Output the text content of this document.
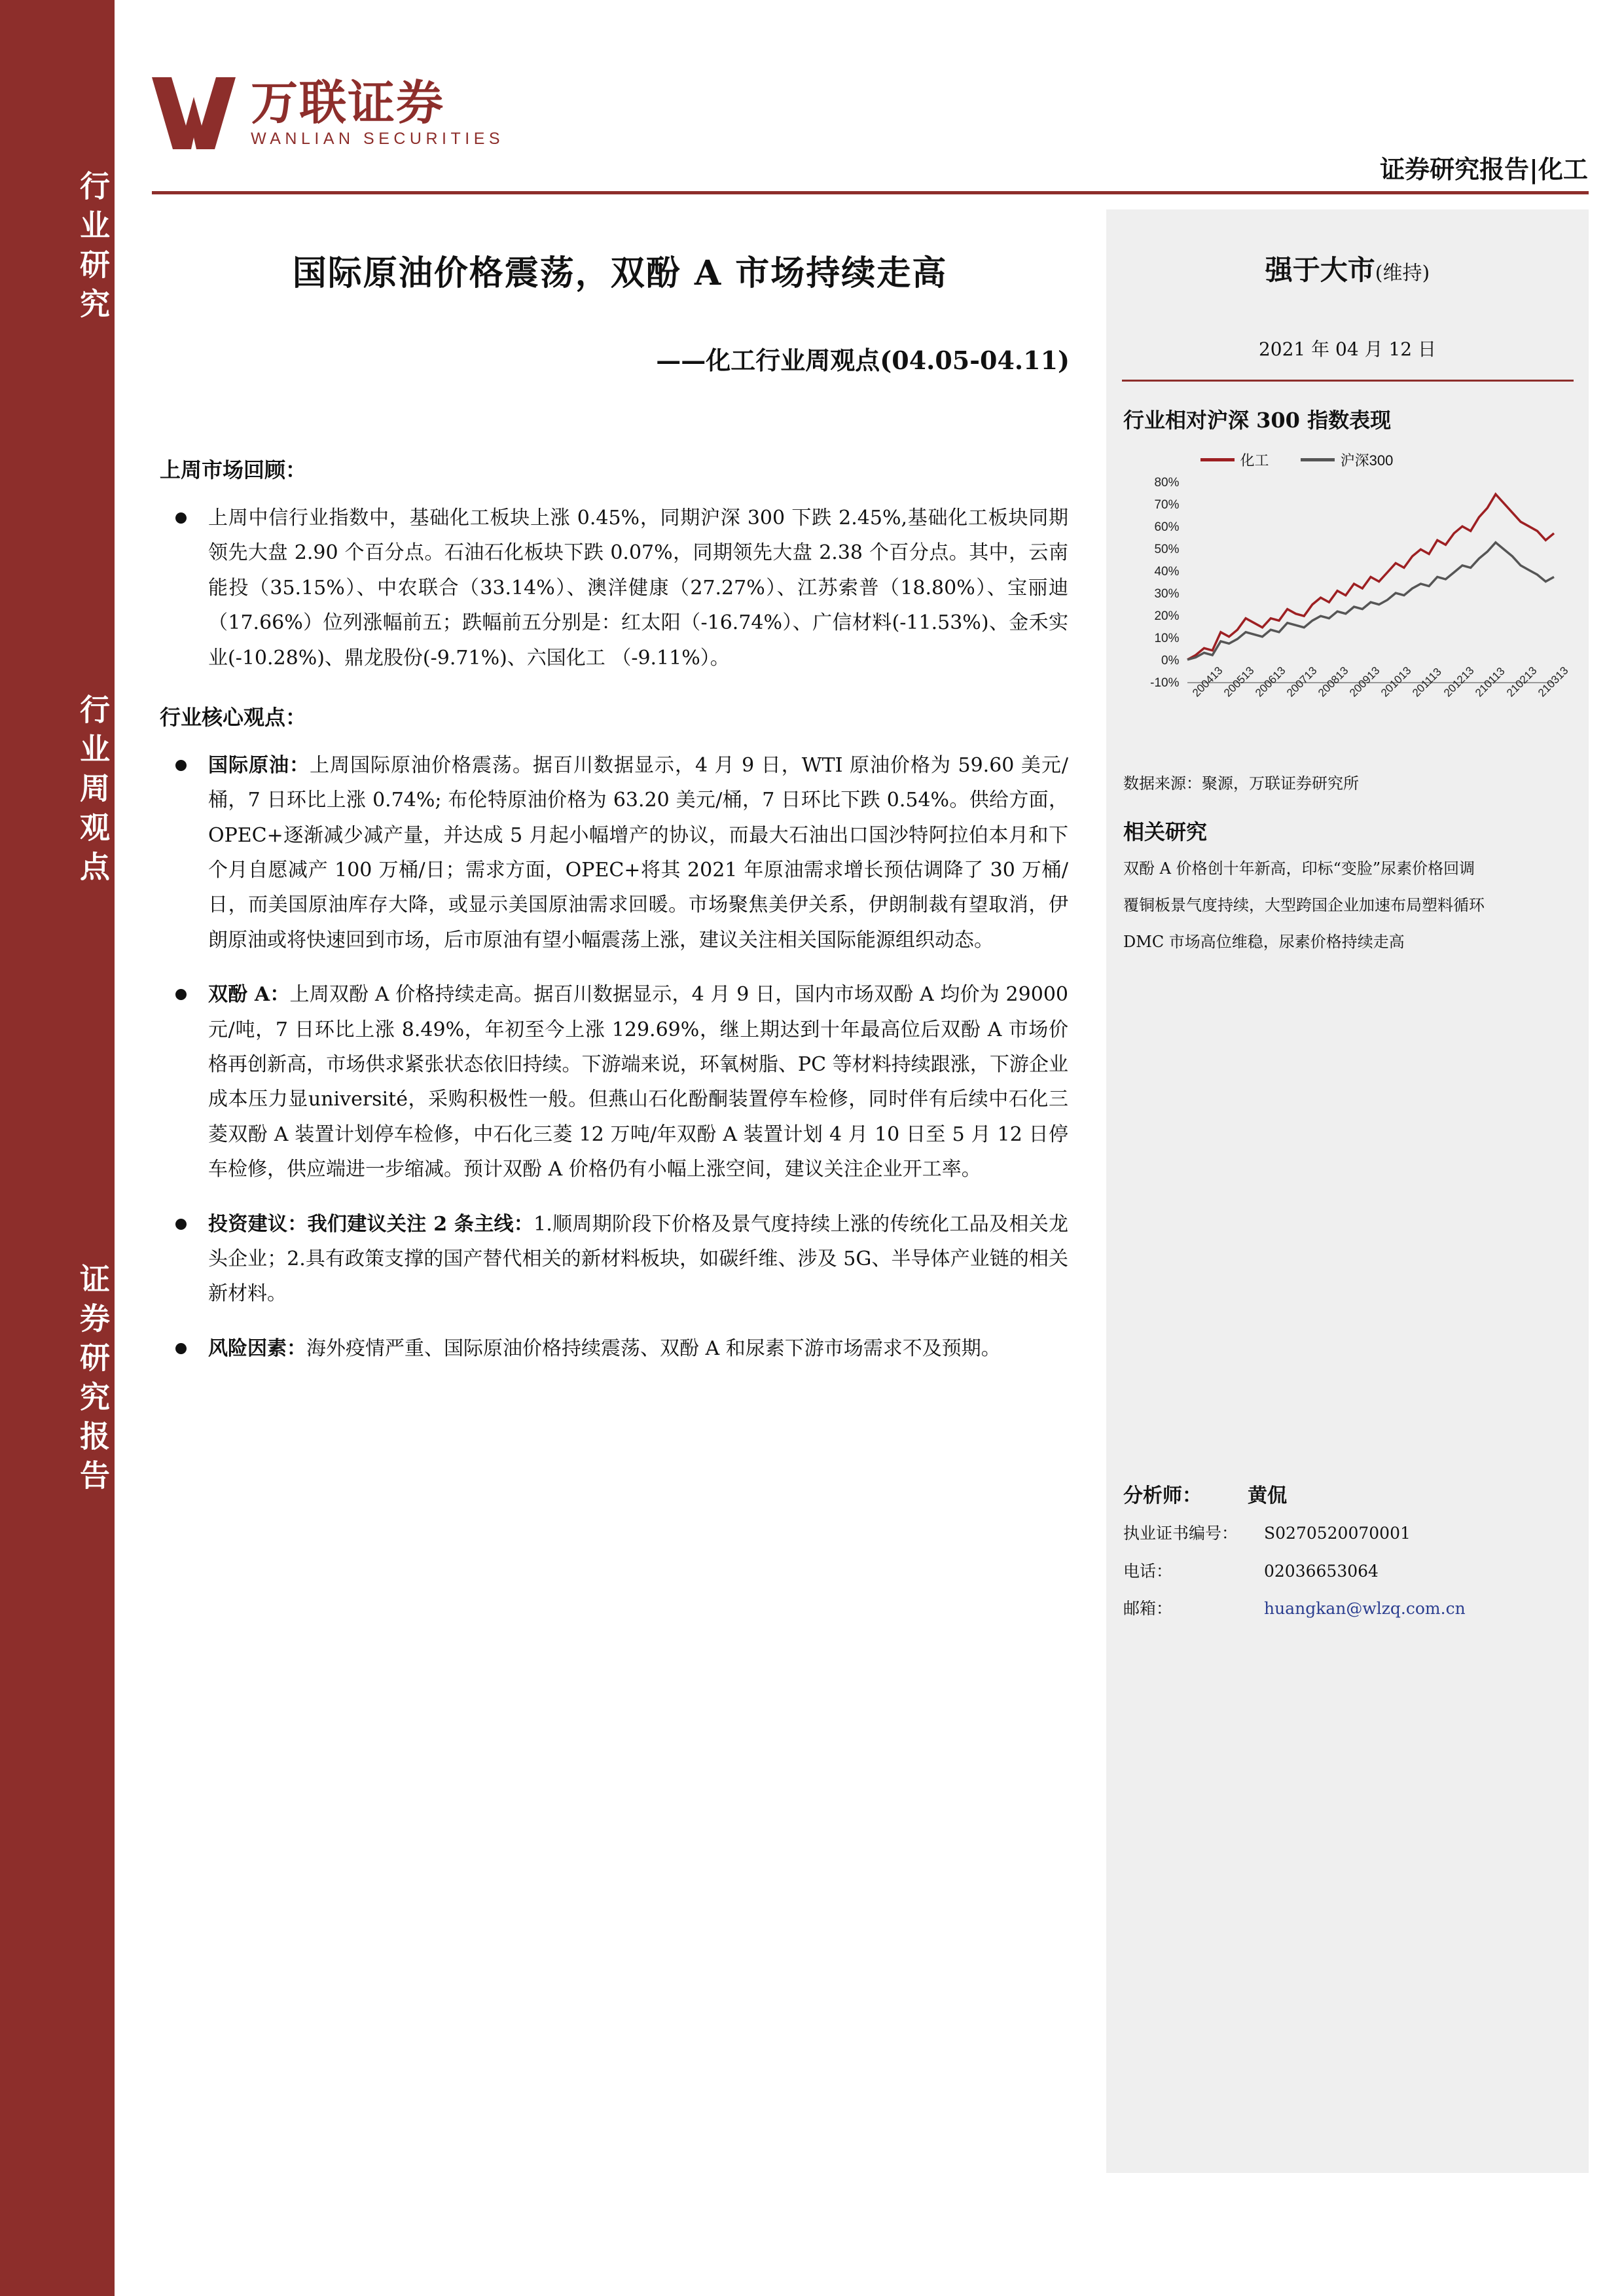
行业研究
行业周观点
证券研究报告

万联证券
WANLIAN SECURITIES
证券研究报告|化工
国际原油价格震荡，双酚 A 市场持续走高
——化工行业周观点(04.05-04.11)
强于大市(维持)
2021 年 04 月 12 日
行业相对沪深 300 指数表现
化工	沪深300
80%
70%
60%
50%
40%
30%
20%
10%
0%
-10% 200413
200513
200613
200713
200813
200913
201013
201113
201213
210113
210213
210313
数据来源：聚源，万联证券研究所
相关研究
双酚 A 价格创十年新高，印标“变脸”尿素价格回调
覆铜板景气度持续，大型跨国企业加速布局塑料循环
DMC 市场高位维稳，尿素价格持续走高
分析师： 黄侃
执业证书编号： S0270520070001
电话：	02036653064
邮箱：	huangkan@wlzq.com.cn
上周市场回顾：
上周中信行业指数中，基础化工板块上涨 0.45%，同期沪深 300 下跌 2.45%,基础化工板块同期领先大盘 2.90 个百分点。石油石化板块下跌 0.07%，同期领先大盘 2.38 个百分点。其中，云南能投（35.15%）、中农联合（33.14%）、澳洋健康（27.27%）、江苏索普（18.80%）、宝丽迪（17.66%）位列涨幅前五；跌幅前五分别是：红太阳（-16.74%）、广信材料(-11.53%)、金禾实业(-10.28%)、鼎龙股份(-9.71%)、六国化工 （-9.11%）。
行业核心观点：
国际原油：上周国际原油价格震荡。据百川数据显示，4 月 9 日，WTI 原油价格为 59.60 美元/桶，7 日环比上涨 0.74%; 布伦特原油价格为 63.20 美元/桶，7 日环比下跌 0.54%。供给方面，OPEC+逐渐减少减产量，并达成 5 月起小幅增产的协议，而最大石油出口国沙特阿拉伯本月和下个月自愿减产 100 万桶/日；需求方面，OPEC+将其 2021 年原油需求增长预估调降了 30 万桶/日，而美国原油库存大降，或显示美国原油需求回暖。市场聚焦美伊关系，伊朗制裁有望取消，伊朗原油或将快速回到市场，后市原油有望小幅震荡上涨，建议关注相关国际能源组织动态。
双酚 A：上周双酚 A 价格持续走高。据百川数据显示，4 月 9 日，国内市场双酚 A 均价为 29000 元/吨，7 日环比上涨 8.49%，年初至今上涨 129.69%，继上期达到十年最高位后双酚 A 市场价格再创新高，市场供求紧张状态依旧持续。下游端来说，环氧树脂、PC 等材料持续跟涨，下游企业成本压力显université，采购积极性一般。但燕山石化酚酮装置停车检修，同时伴有后续中石化三菱双酚 A 装置计划停车检修，中石化三菱 12 万吨/年双酚 A 装置计划 4 月 10 日至 5 月 12 日停车检修，供应端进一步缩减。预计双酚 A 价格仍有小幅上涨空间，建议关注企业开工率。
投资建议：我们建议关注 2 条主线：1.顺周期阶段下价格及景气度持续上涨的传统化工品及相关龙头企业；2.具有政策支撑的国产替代相关的新材料板块，如碳纤维、涉及 5G、半导体产业链的相关新材料。
风险因素：海外疫情严重、国际原油价格持续震荡、双酚 A 和尿素下游市场需求不及预期。
